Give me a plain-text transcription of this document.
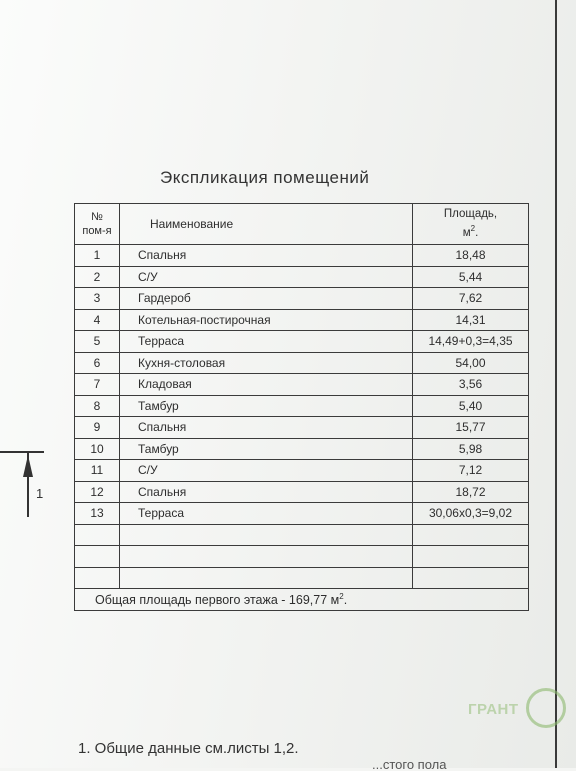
Экспликация помещений
№
пом-я	Наименование	Площадь,
$м^2$.
1	Спальня	18,48
2	С/У	5,44
3	Гардероб	7,62
4	Котельная-постирочная	14,31
5	Терраса	14,49+0,3=4,35
6	Кухня-столовая	54,00
7	Кладовая	3,56
8	Тамбур	5,40
9	Спальня	15,77
10	Тамбур	5,98
11	С/У	7,12
12	Спальня	18,72
13	Терраса	30,06x0,3=9,02

Общая площадь первого этажа - 169,77 $м^2$.		
1
ГРАНТ
1. Общие данные см.листы 1,2.
...стого пола
